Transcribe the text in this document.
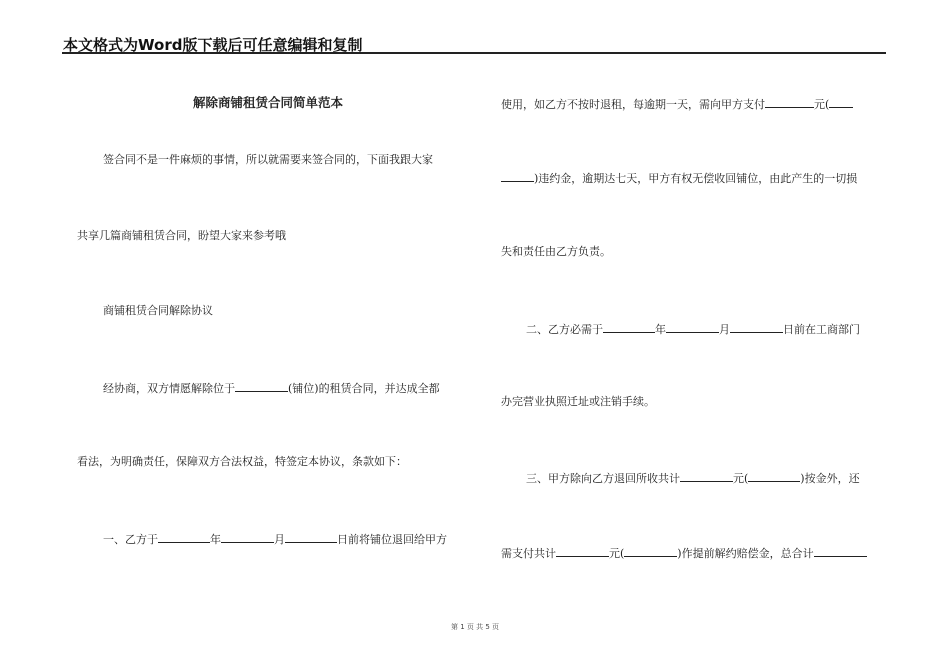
本文格式为Word版下载后可任意编辑和复制
解除商铺租赁合同简单范本
签合同不是一件麻烦的事情，所以就需要来签合同的，下面我跟大家
共享几篇商铺租赁合同，盼望大家来参考哦
商铺租赁合同解除协议
经协商，双方情愿解除位于	(铺位)的租赁合同，并达成全都
看法，为明确责任，保障双方合法权益，特签定本协议，条款如下：
一、乙方于	年	月	日前将铺位退回给甲方
使用，如乙方不按时退租，每逾期一天，需向甲方支付	元(
)违约金，逾期达七天，甲方有权无偿收回铺位，由此产生的一切损
失和责任由乙方负责。
二、乙方必需于	年	月	日前在工商部门
办完营业执照迁址或注销手续。
三、甲方除向乙方退回所收共计	元(	)按金外，还
需支付共计	元(	)作提前解约赔偿金，总合计
第 1 页 共 5 页
